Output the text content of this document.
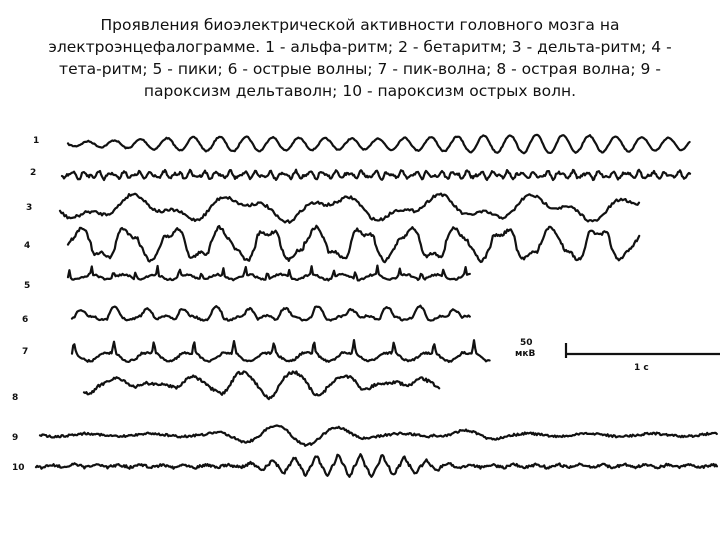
Проявления биоэлектрической активности головного мозга на электроэнцефалограмме. 1 - альфа-ритм; 2 - бетаритм; 3 - дельта-ритм; 4 - тета-ритм; 5 - пики; 6 - острые волны; 7 - пик-волна; 8 - острая волна; 9 - пароксизм дельтаволн; 10 - пароксизм острых волн.
1
2
3
4
5
6
7
8
9
10
50
мкВ
1 с
